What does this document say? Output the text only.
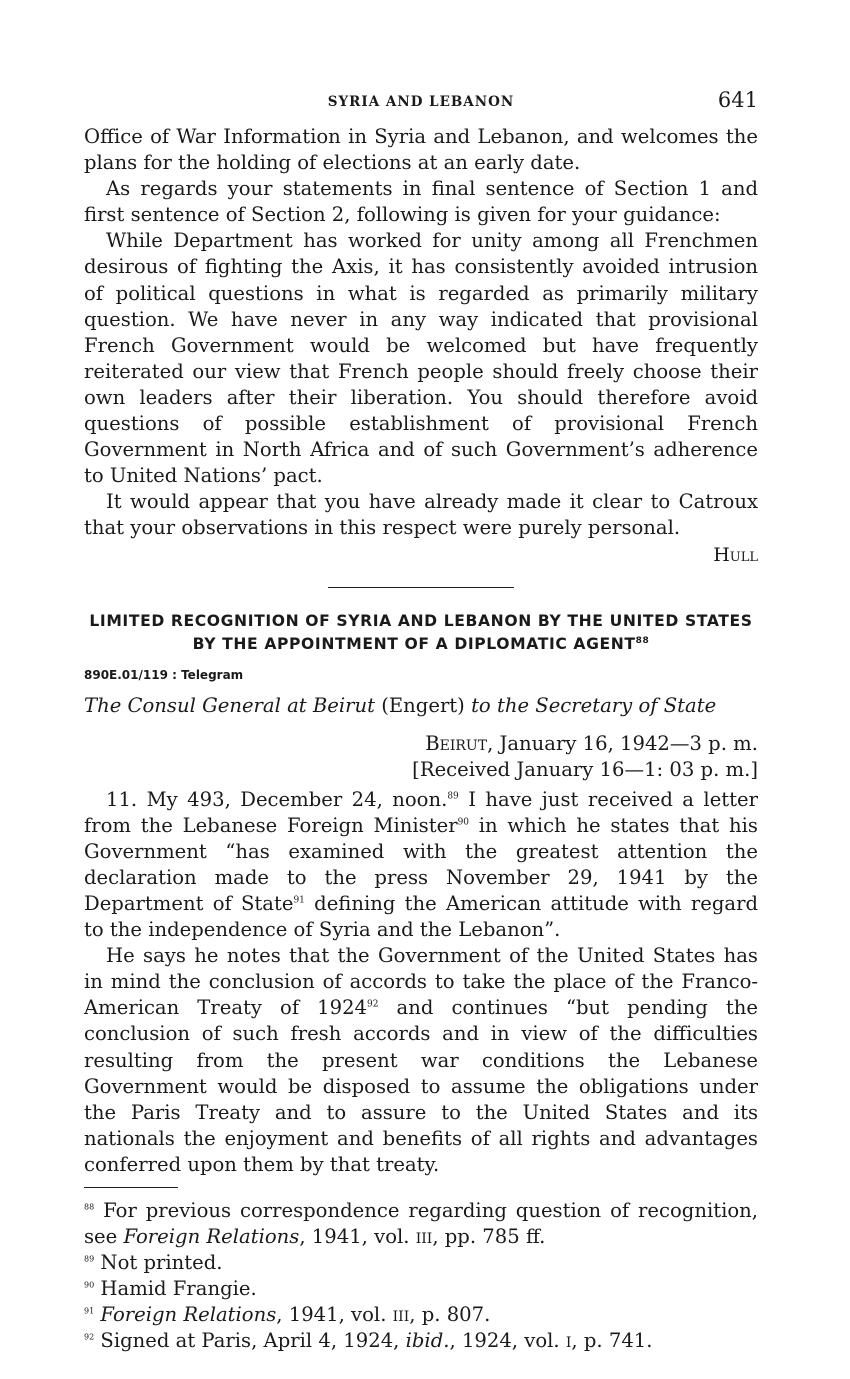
SYRIA AND LEBANON	641

Office of War Information in Syria and Lebanon, and welcomes the plans for the holding of elections at an early date.

As regards your statements in final sentence of Section 1 and first sentence of Section 2, following is given for your guidance:

While Department has worked for unity among all Frenchmen desirous of fighting the Axis, it has consistently avoided intrusion of political questions in what is regarded as primarily military question. We have never in any way indicated that provisional French Government would be welcomed but have frequently reiterated our view that French people should freely choose their own leaders after their liberation. You should therefore avoid questions of possible establishment of provisional French Government in North Africa and of such Government’s adherence to United Nations’ pact.

It would appear that you have already made it clear to Catroux that your observations in this respect were purely personal.

Hull

LIMITED RECOGNITION OF SYRIA AND LEBANON BY THE UNITED STATES BY THE APPOINTMENT OF A DIPLOMATIC AGENT$^{88}$

890E.01/119 : Telegram
The Consul General at Beirut (Engert) to the Secretary of State
Beirut, January 16, 1942—3 p. m.
[Received January 16—1: 03 p. m.]

11. My 493, December 24, noon.$^{89}$ I have just received a letter from the Lebanese Foreign Minister$^{90}$ in which he states that his Government “has examined with the greatest attention the declaration made to the press November 29, 1941 by the Department of State$^{91}$ defining the American attitude with regard to the independence of Syria and the Lebanon”.

He says he notes that the Government of the United States has in mind the conclusion of accords to take the place of the Franco-American Treaty of 1924$^{92}$ and continues “but pending the conclusion of such fresh accords and in view of the difficulties resulting from the present war conditions the Lebanese Government would be disposed to assume the obligations under the Paris Treaty and to assure to the United States and its nationals the enjoyment and benefits of all rights and advantages conferred upon them by that treaty.

$^{88}$ For previous correspondence regarding question of recognition, see Foreign Relations, 1941, vol. iii, pp. 785 ff.

$^{89}$ Not printed.

$^{90}$ Hamid Frangie.

$^{91}$ Foreign Relations, 1941, vol. iii, p. 807.

$^{92}$ Signed at Paris, April 4, 1924, ibid., 1924, vol. i, p. 741.
